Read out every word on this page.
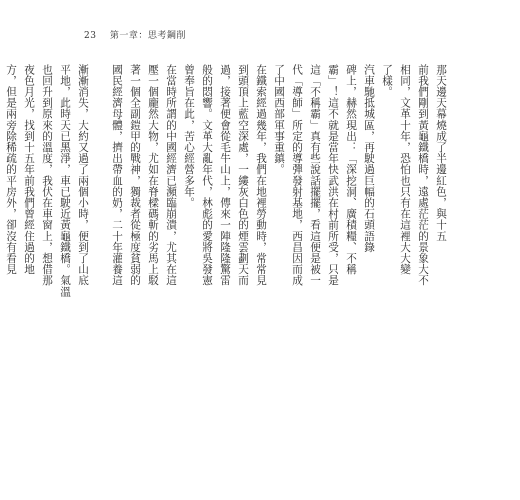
23 第一章：思考鋼削
那天邊天幕燒成了半邊紅色，與十五
前我們剛到黃龜鐵橋時，遠處茫茫的景象大不
相同，文革十年，恐怕也只有在這裡大大變
了樣。
汽車馳抵城區，再駛過巨幅的石頭語錄
碑上，赫然現出：「深挖洞、廣積糧、不稱
霸」！這不就是當年快武洪在村前所受，只是
這「不稱霸」真有些說話擺擺，看這便是被一
代「導師」所定的導彈發射基地，西昌因而成
了中國西部軍事重鎮。
在鐵索經過幾年，我們在地裡勞動時，常常見
到頭頂上藍空深處，一縷灰白色的煙雲劃天而
過，接著便會從毛牛山上，傳來一陣隆隆驚雷
般的悶響。文革大亂年代，林彪的愛將吳發憲
曾奉旨在此，苦心經營多年。
在當時所謂的中國經濟已瀕臨崩潰，尤其在這
壓一個龐然大物，尤如在脊樑碼斬的劣馬上駁
著一個全副鎧甲的戰神，獨裁者從極度貧弱的
國民經濟母體，擠出帶血的奶，二十年灌養這
漸漸消失，大約又過了兩個小時，便到了山底
平地，此時天已黑淨，車已駛近黃龜鐵橋。氣溫
也回升到原來的溫度，我伏在車窗上，想借那
夜色月光，找到十五年前我們曾經住過的地
方，但是兩旁除稀疏的平房外，卻沒有看見
